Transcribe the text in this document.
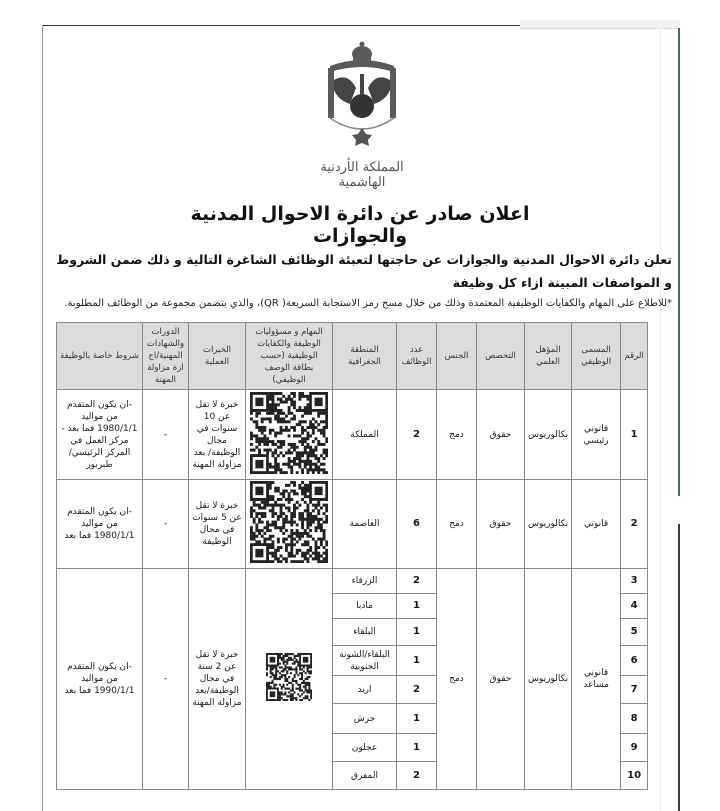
المملكة الأردنية الهاشمية
اعلان صادر عن دائرة الاحوال المدنية والجوازات
تعلن دائرة الاحوال المدنية والجوازات عن حاجتها لتعبئة الوظائف الشاغرة التالية و ذلك ضمن الشروط و المواصفات المبينة ازاء كل وظيفة
*للاطلاع على المهام والكفايات الوظيفية المعتمدة وذلك من خلال مسح رمز الاستجابة السريعة( QR)، والذي يتضمن مجموعة من الوظائف المطلوبة.
الرقم	المسمى الوظيفي	المؤهل العلمي	التخصص	الجنس	عدد الوظائف	المنطقة الجغرافية	المهام و مسؤوليات الوظيفة والكفايات الوظيفية (حسب بطاقة الوصف الوظيفي)	الخبرات العملية	الدورات والشهادات المهنية/اج ازة مزاولة المهنة	شروط خاصة بالوظيفة
1	قانوني رئيسي	بكالوريوس	حقوق	دمج	2	المملكة		خبرة لا تقل عن 10 سنوات في مجال الوظيفة/ بعد مزاولة المهنة	-	-ان يكون المتقدم من مواليد 1980/1/1 فما بعد - مركز العمل في المركز الرئيسي/طبربور
2	قانوني	بكالوريوس	حقوق	دمج	6	العاصمة		خبرة لا تقل عن 5 سنوات في مجال الوظيفة	-	-ان يكون المتقدم من مواليد 1980/1/1 فما بعد
3	قانوني مساعد	بكالوريوس	حقوق	دمج	2	الزرقاء		خبرة لا تقل عن 2 سنة في مجال الوظيفة/بعد مزاولة المهنة	-	-ان يكون المتقدم من مواليد 1990/1/1 فما بعد
4					1	مادبا				
5					1	البلقاء				
6					1	البلقاء/الشونة الجنوبية				
7					2	اربد				
8					1	جرش				
9					1	عجلون				
10					2	المفرق				
